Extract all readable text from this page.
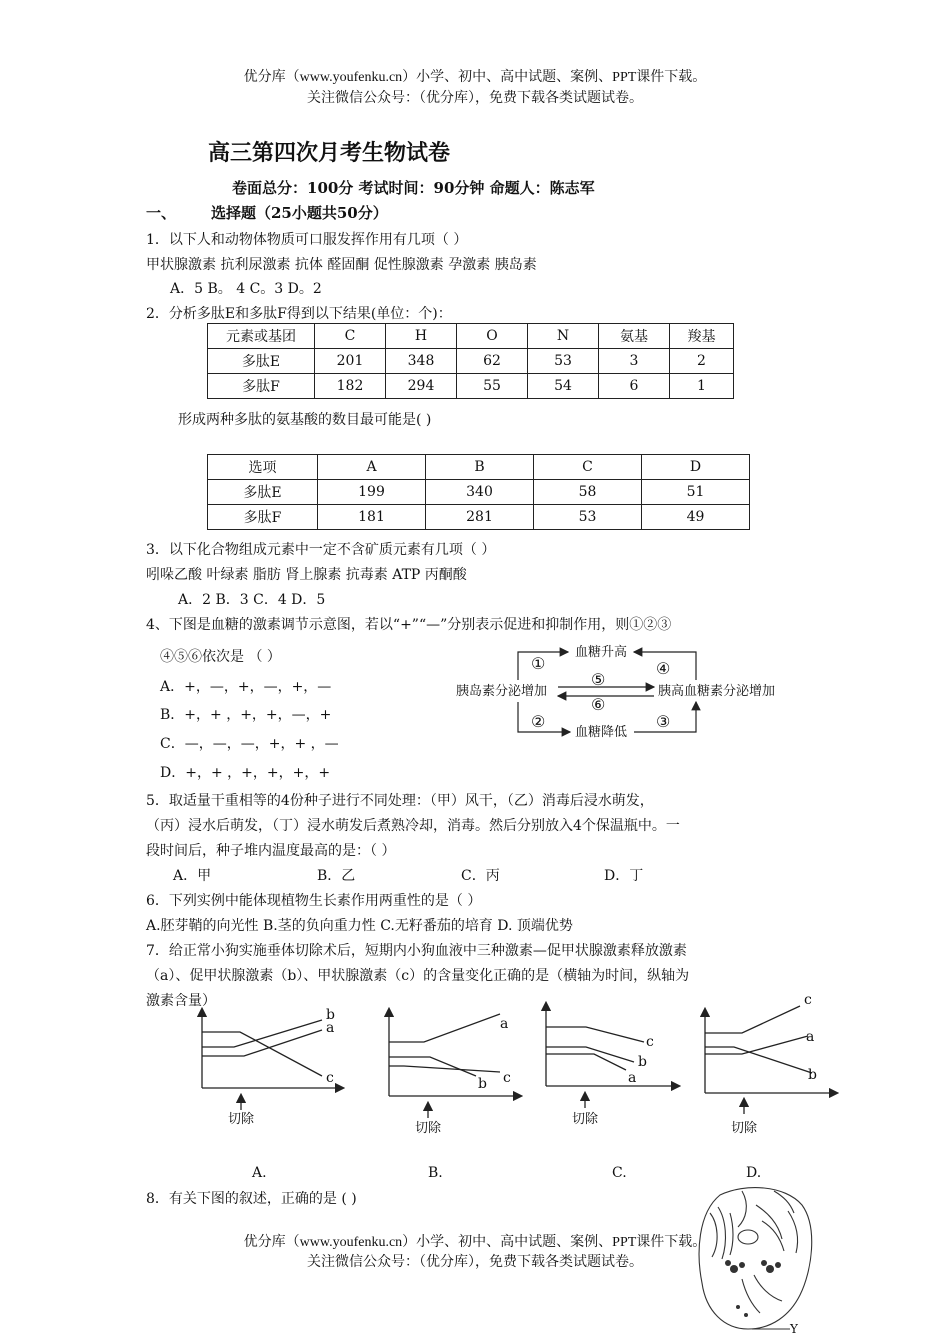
优分库（www.youfenku.cn）小学、初中、高中试题、案例、PPT课件下载。
关注微信公众号：（优分库），免费下载各类试题试卷。
高三第四次月考生物试卷
卷面总分：100分 考试时间：90分钟 命题人：陈志军
一、 选择题（25小题共50分）
1．以下人和动物体物质可口服发挥作用有几项（ ）
甲状腺激素 抗利尿激素 抗体 醛固酮 促性腺激素 孕激素 胰岛素
A．5 B。 4 C。3 D。2
2．分析多肽E和多肽F得到以下结果(单位：个)：
元素或基团	C	H	O	N	氨基	羧基
多肽E	201	348	62	53	3	2
多肽F	182	294	55	54	6	1
形成两种多肽的氨基酸的数目最可能是( )
选项	A	B	C	D
多肽E	199	340	58	51
多肽F	181	281	53	49
3．以下化合物组成元素中一定不含矿质元素有几项（ ）
吲哚乙酸 叶绿素 脂肪 肾上腺素 抗毒素 ATP 丙酮酸
A．2 B．3 C．4 D．5
4、下图是血糖的激素调节示意图，若以“+”“—”分别表示促进和抑制作用，则①②③
④⑤⑥依次是 （ ）
A．+，—，+，—，+，—
B．+，+ ，+，+，—，+
C．—，—，—，+，+ ，—
D．+，+ ，+，+，+，+
血糖升高
血糖降低
胰岛素分泌增加	胰高血糖素分泌增加
①	④
⑤
⑥
②	③
5．取适量干重相等的4份种子进行不同处理：（甲）风干，（乙）消毒后浸水萌发，
（丙）浸水后萌发，（丁）浸水萌发后煮熟冷却，消毒。然后分别放入4个保温瓶中。一
段时间后，种子堆内温度最高的是：（ ）
A．甲	B．乙	C．丙	D．丁
6．下列实例中能体现植物生长素作用两重性的是（ ）
A.胚芽鞘的向光性 B.茎的负向重力性 C.无籽番茄的培育 D. 顶端优势
7．给正常小狗实施垂体切除术后，短期内小狗血液中三种激素—促甲状腺激素释放激素
（a）、促甲状腺激素（b）、甲状腺激素（c）的含量变化正确的是（横轴为时间，纵轴为
激素含量）
b
a
c
a
b c
c
b
a
c
a
b
切除
切除
切除
切除
A.	B.	C.	D.
8．有关下图的叙述，正确的是 ( )
Y
优分库（www.youfenku.cn）小学、初中、高中试题、案例、PPT课件下载。
关注微信公众号：（优分库），免费下载各类试题试卷。
